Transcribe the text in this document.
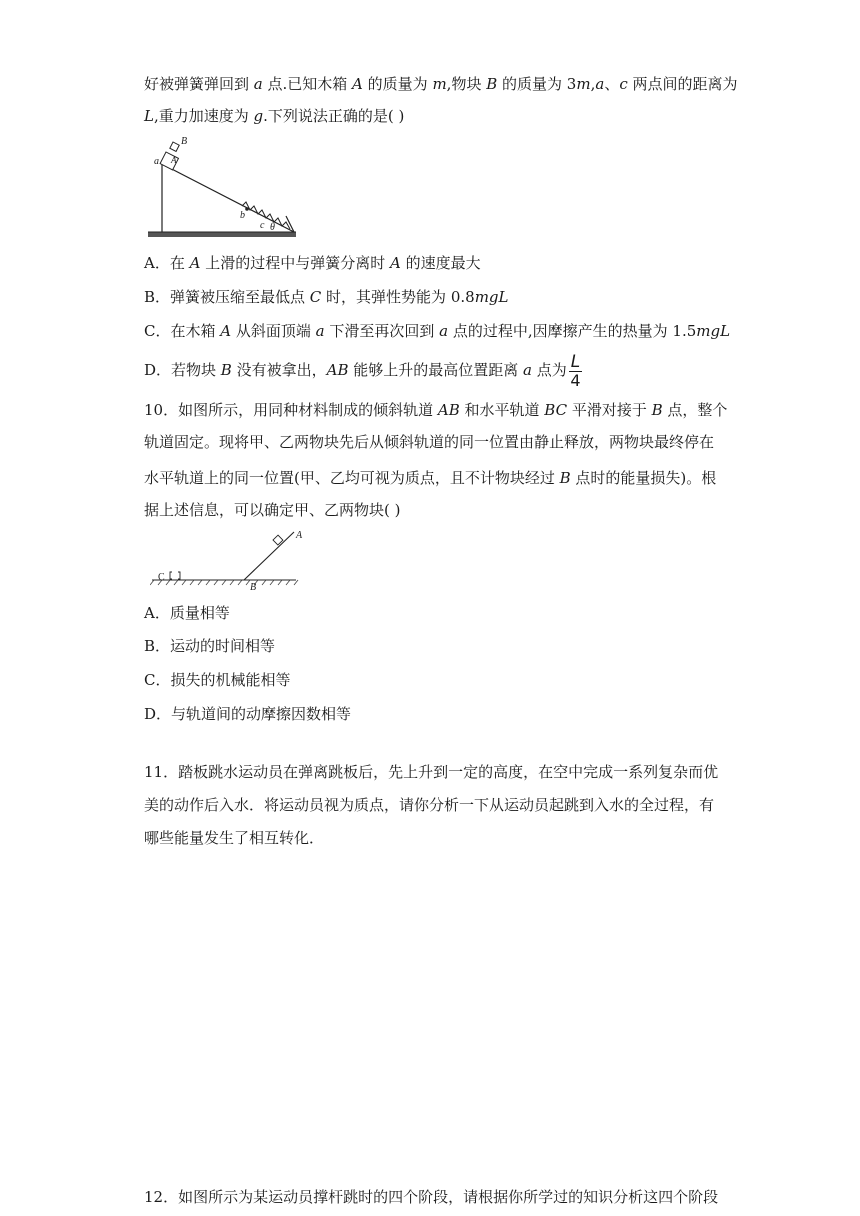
好被弹簧弹回到 a 点.已知木箱 A 的质量为 m,物块 B 的质量为 3m,a、c 两点间的距离为
L,重力加速度为 g.下列说法正确的是( )
B
A
a
b
c θ
A．在 A 上滑的过程中与弹簧分离时 A 的速度最大
B．弹簧被压缩至最低点 C 时，其弹性势能为 0.8mgL
C．在木箱 A 从斜面顶端 a 下滑至再次回到 a 点的过程中,因摩擦产生的热量为 1.5mgL
D．若物块 B 没有被拿出，AB 能够上升的最高位置距离 a 点为 $\frac{L}{4}$
10．如图所示，用同种材料制成的倾斜轨道 AB 和水平轨道 BC 平滑对接于 B 点，整个
轨道固定。现将甲、乙两物块先后从倾斜轨道的同一位置由静止释放，两物块最终停在
水平轨道上的同一位置(甲、乙均可视为质点，且不计物块经过 B 点时的能量损失)。根
据上述信息，可以确定甲、乙两物块( )
A
B
C
A．质量相等
B．运动的时间相等
C．损失的机械能相等
D．与轨道间的动摩擦因数相等
11．踏板跳水运动员在弹离跳板后，先上升到一定的高度，在空中完成一系列复杂而优
美的动作后入水．将运动员视为质点，请你分析一下从运动员起跳到入水的全过程，有
哪些能量发生了相互转化．
12．如图所示为某运动员撑杆跳时的四个阶段，请根据你所学过的知识分析这四个阶段
